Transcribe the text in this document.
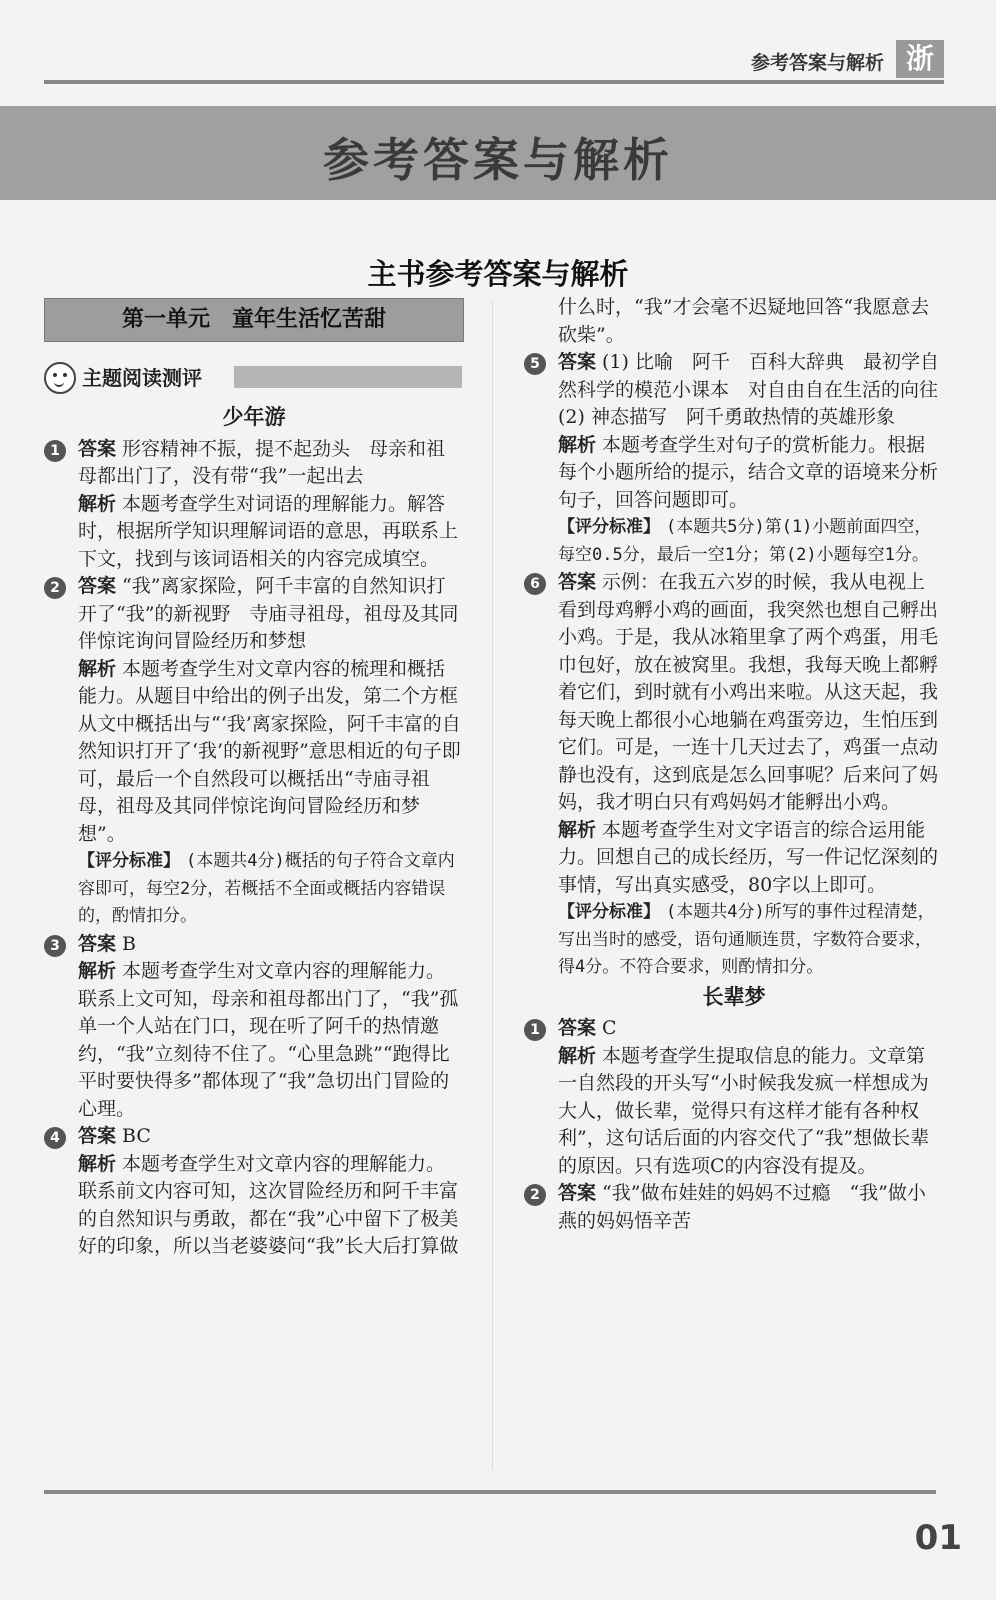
参考答案与解析 浙
参考答案与解析
主书参考答案与解析
第一单元　童年生活忆苦甜
主题阅读测评
少年游
1 答案 形容精神不振，提不起劲头　母亲和祖母都出门了，没有带“我”一起出去

解析 本题考查学生对词语的理解能力。解答时，根据所学知识理解词语的意思，再联系上下文，找到与该词语相关的内容完成填空。

2 答案 “我”离家探险，阿千丰富的自然知识打开了“我”的新视野　寺庙寻祖母，祖母及其同伴惊诧询问冒险经历和梦想

解析 本题考查学生对文章内容的梳理和概括能力。从题目中给出的例子出发，第二个方框从文中概括出与“‘我’离家探险，阿千丰富的自然知识打开了‘我’的新视野”意思相近的句子即可，最后一个自然段可以概括出“寺庙寻祖母，祖母及其同伴惊诧询问冒险经历和梦想”。

【评分标准】 (本题共4分)概括的句子符合文章内容即可，每空2分，若概括不全面或概括内容错误的，酌情扣分。

3 答案 B

解析 本题考查学生对文章内容的理解能力。联系上文可知，母亲和祖母都出门了，“我”孤单一个人站在门口，现在听了阿千的热情邀约，“我”立刻待不住了。“心里急跳”“跑得比平时要快得多”都体现了“我”急切出门冒险的心理。

4 答案 BC

解析 本题考查学生对文章内容的理解能力。联系前文内容可知，这次冒险经历和阿千丰富的自然知识与勇敢，都在“我”心中留下了极美好的印象，所以当老婆婆问“我”长大后打算做

什么时，“我”才会毫不迟疑地回答“我愿意去砍柴”。

5 答案 (1) 比喻　阿千　百科大辞典　最初学自然科学的模范小课本　对自由自在生活的向往

(2) 神态描写　阿千勇敢热情的英雄形象

解析 本题考查学生对句子的赏析能力。根据每个小题所给的提示，结合文章的语境来分析句子，回答问题即可。

【评分标准】 (本题共5分)第(1)小题前面四空，每空0.5分，最后一空1分；第(2)小题每空1分。

6 答案 示例：在我五六岁的时候，我从电视上看到母鸡孵小鸡的画面，我突然也想自己孵出小鸡。于是，我从冰箱里拿了两个鸡蛋，用毛巾包好，放在被窝里。我想，我每天晚上都孵着它们，到时就有小鸡出来啦。从这天起，我每天晚上都很小心地躺在鸡蛋旁边，生怕压到它们。可是，一连十几天过去了，鸡蛋一点动静也没有，这到底是怎么回事呢？后来问了妈妈，我才明白只有鸡妈妈才能孵出小鸡。

解析 本题考查学生对文字语言的综合运用能力。回想自己的成长经历，写一件记忆深刻的事情，写出真实感受，80字以上即可。

【评分标准】 (本题共4分)所写的事件过程清楚，写出当时的感受，语句通顺连贯，字数符合要求，得4分。不符合要求，则酌情扣分。

长辈梦
1 答案 C

解析 本题考查学生提取信息的能力。文章第一自然段的开头写“小时候我发疯一样想成为大人，做长辈，觉得只有这样才能有各种权利”，这句话后面的内容交代了“我”想做长辈的原因。只有选项C的内容没有提及。

2 答案 “我”做布娃娃的妈妈不过瘾　“我”做小燕的妈妈悟辛苦

01
